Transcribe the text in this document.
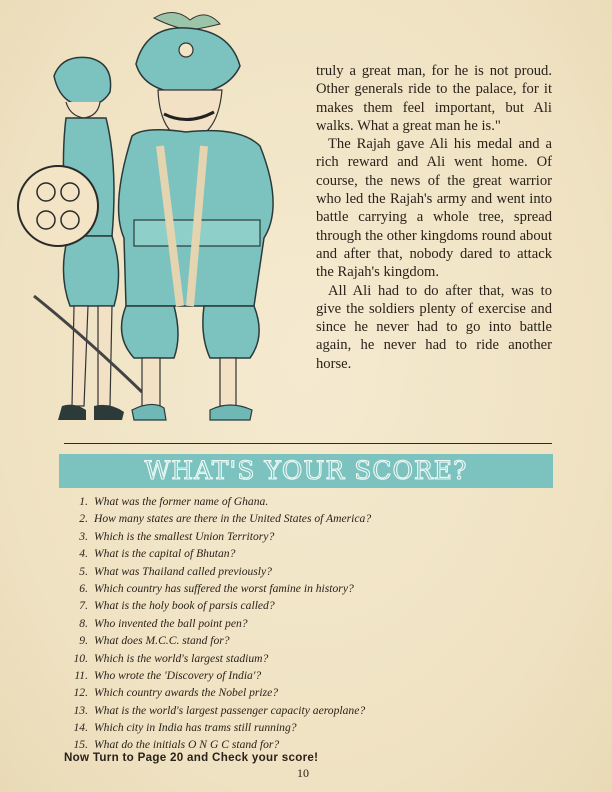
truly a great man, for he is not proud. Other generals ride to the palace, for it makes them feel important, but Ali walks. What a great man he is."

The Rajah gave Ali his medal and a rich reward and Ali went home. Of course, the news of the great warrior who led the Rajah's army and went into battle carrying a whole tree, spread through the other kingdoms round about and after that, nobody dared to attack the Rajah's kingdom.

All Ali had to do after that, was to give the soldiers plenty of exercise and since he never had to go into battle again, he never had to ride another horse.

WHAT'S YOUR SCORE?
1. What was the former name of Ghana.
2. How many states are there in the United States of America?
3. Which is the smallest Union Territory?
4. What is the capital of Bhutan?
5. What was Thailand called previously?
6. Which country has suffered the worst famine in history?
7. What is the holy book of parsis called?
8. Who invented the ball point pen?
9. What does M.C.C. stand for?
10. Which is the world's largest stadium?
11. Who wrote the 'Discovery of India'?
12. Which country awards the Nobel prize?
13. What is the world's largest passenger capacity aeroplane?
14. Which city in India has trams still running?
15. What do the initials O N G C stand for?
Now Turn to Page 20 and Check your score!
10
